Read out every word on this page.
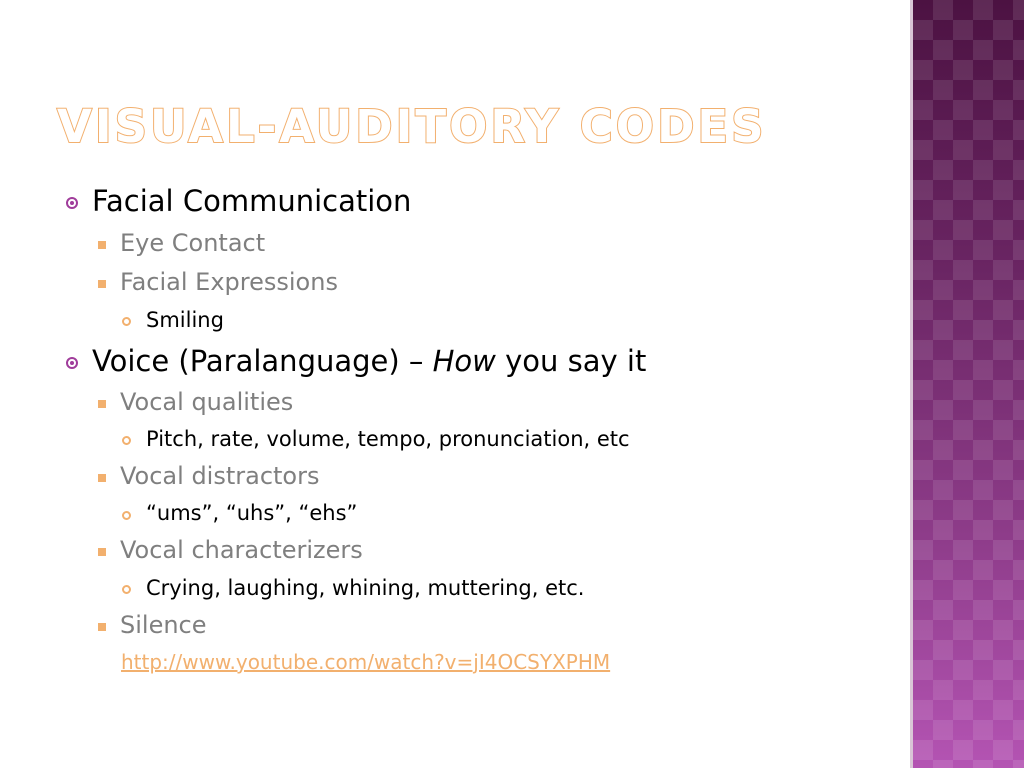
VISUAL-AUDITORY CODES
Facial Communication
Eye Contact
Facial Expressions
Smiling
Voice (Paralanguage) – How you say it
Vocal qualities
Pitch, rate, volume, tempo, pronunciation, etc
Vocal distractors
“ums”, “uhs”, “ehs”
Vocal characterizers
Crying, laughing, whining, muttering, etc.
Silence
http://www.youtube.com/watch?v=jI4OCSYXPHM
